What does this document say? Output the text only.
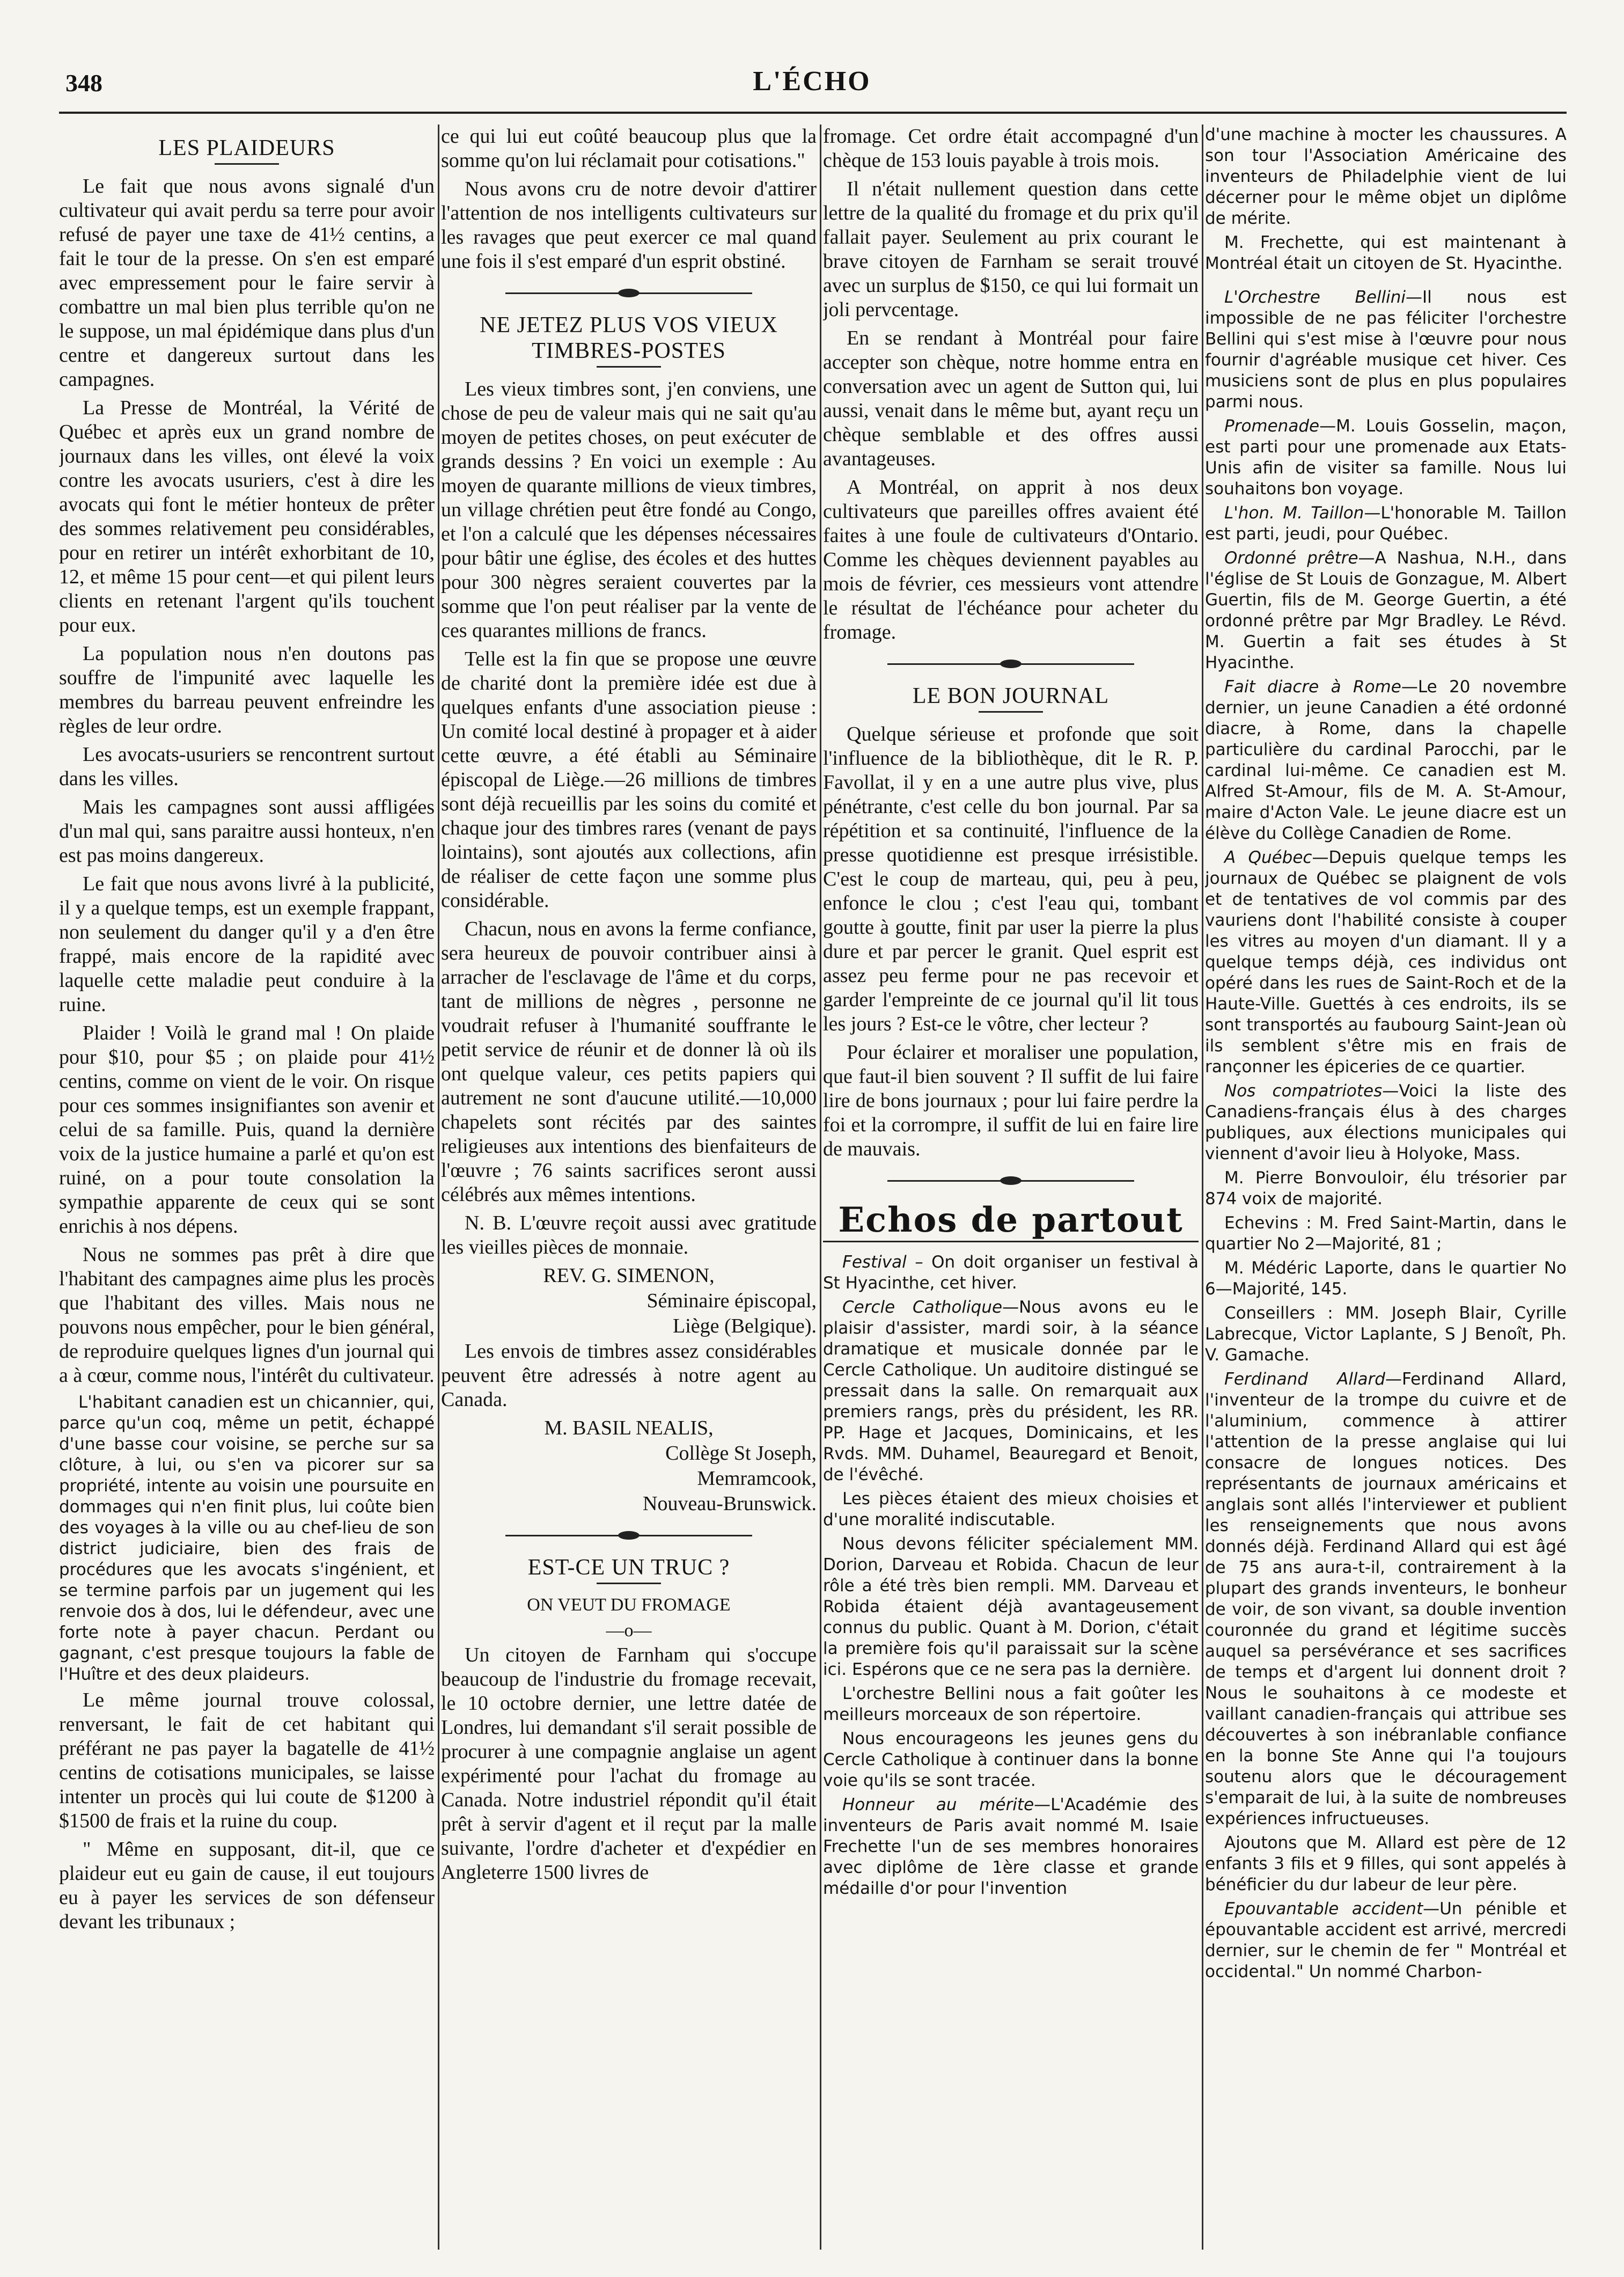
348	L'ÉCHO
LES PLAIDEURS

Le fait que nous avons signalé d'un cultivateur qui avait perdu sa terre pour avoir refusé de payer une taxe de 41½ centins, a fait le tour de la presse. On s'en est emparé avec empressement pour le faire servir à combattre un mal bien plus terrible qu'on ne le suppose, un mal épidémique dans plus d'un centre et dangereux surtout dans les campagnes.

La Presse de Montréal, la Vérité de Québec et après eux un grand nombre de journaux dans les villes, ont élevé la voix contre les avocats usuriers, c'est à dire les avocats qui font le métier honteux de prêter des sommes relativement peu considérables, pour en retirer un intérêt exhorbitant de 10, 12, et même 15 pour cent—et qui pilent leurs clients en retenant l'argent qu'ils touchent pour eux.

La population nous n'en doutons pas souffre de l'impunité avec laquelle les membres du barreau peuvent enfreindre les règles de leur ordre.

Les avocats-usuriers se rencontrent surtout dans les villes.

Mais les campagnes sont aussi affligées d'un mal qui, sans paraitre aussi honteux, n'en est pas moins dangereux.

Le fait que nous avons livré à la publicité, il y a quelque temps, est un exemple frappant, non seulement du danger qu'il y a d'en être frappé, mais encore de la rapidité avec laquelle cette maladie peut conduire à la ruine.

Plaider ! Voilà le grand mal ! On plaide pour $10, pour $5 ; on plaide pour 41½ centins, comme on vient de le voir. On risque pour ces sommes insignifiantes son avenir et celui de sa famille. Puis, quand la dernière voix de la justice humaine a parlé et qu'on est ruiné, on a pour toute consolation la sympathie apparente de ceux qui se sont enrichis à nos dépens.

Nous ne sommes pas prêt à dire que l'habitant des campagnes aime plus les procès que l'habitant des villes. Mais nous ne pouvons nous empêcher, pour le bien général, de reproduire quelques lignes d'un journal qui a à cœur, comme nous, l'intérêt du cultivateur.

L'habitant canadien est un chicannier, qui, parce qu'un coq, même un petit, échappé d'une basse cour voisine, se perche sur sa clôture, à lui, ou s'en va picorer sur sa propriété, intente au voisin une poursuite en dommages qui n'en finit plus, lui coûte bien des voyages à la ville ou au chef-lieu de son district judiciaire, bien des frais de procédures que les avocats s'ingénient, et se termine parfois par un jugement qui les renvoie dos à dos, lui le défendeur, avec une forte note à payer chacun. Perdant ou gagnant, c'est presque toujours la fable de l'Huître et des deux plaideurs.

Le même journal trouve colossal, renversant, le fait de cet habitant qui préférant ne pas payer la bagatelle de 41½ centins de cotisations municipales, se laisse intenter un procès qui lui coute de $1200 à $1500 de frais et la ruine du coup.

" Même en supposant, dit-il, que ce plaideur eut eu gain de cause, il eut toujours eu à payer les services de son défenseur devant les tribunaux ;

ce qui lui eut coûté beaucoup plus que la somme qu'on lui réclamait pour cotisations."

Nous avons cru de notre devoir d'attirer l'attention de nos intelligents cultivateurs sur les ravages que peut exercer ce mal quand une fois il s'est emparé d'un esprit obstiné.

NE JETEZ PLUS VOS VIEUX TIMBRES-POSTES

Les vieux timbres sont, j'en conviens, une chose de peu de valeur mais qui ne sait qu'au moyen de petites choses, on peut exécuter de grands dessins ? En voici un exemple : Au moyen de quarante millions de vieux timbres, un village chrétien peut être fondé au Congo, et l'on a calculé que les dépenses nécessaires pour bâtir une église, des écoles et des huttes pour 300 nègres seraient couvertes par la somme que l'on peut réaliser par la vente de ces quarantes millions de francs.

Telle est la fin que se propose une œuvre de charité dont la première idée est due à quelques enfants d'une association pieuse : Un comité local destiné à propager et à aider cette œuvre, a été établi au Séminaire épiscopal de Liège.—26 millions de timbres sont déjà recueillis par les soins du comité et chaque jour des timbres rares (venant de pays lointains), sont ajoutés aux collections, afin de réaliser de cette façon une somme plus considérable.

Chacun, nous en avons la ferme confiance, sera heureux de pouvoir contribuer ainsi à arracher de l'esclavage de l'âme et du corps, tant de millions de nègres , personne ne voudrait refuser à l'humanité souffrante le petit service de réunir et de donner là où ils ont quelque valeur, ces petits papiers qui autrement ne sont d'aucune utilité.—10,000 chapelets sont récités par des saintes religieuses aux intentions des bienfaiteurs de l'œuvre ; 76 saints sacrifices seront aussi célébrés aux mêmes intentions.

N. B. L'œuvre reçoit aussi avec gratitude les vieilles pièces de monnaie.

REV. G. SIMENON,
Séminaire épiscopal,
Liège (Belgique).

Les envois de timbres assez considérables peuvent être adressés à notre agent au Canada.

M. BASIL NEALIS,
Collège St Joseph,
Memramcook,
Nouveau-Brunswick.
EST-CE UN TRUC ?
ON VEUT DU FROMAGE
—o—

Un citoyen de Farnham qui s'occupe beaucoup de l'industrie du fromage recevait, le 10 octobre dernier, une lettre datée de Londres, lui demandant s'il serait possible de procurer à une compagnie anglaise un agent expérimenté pour l'achat du fromage au Canada. Notre industriel répondit qu'il était prêt à servir d'agent et il reçut par la malle suivante, l'ordre d'acheter et d'expédier en Angleterre 1500 livres de

fromage. Cet ordre était accompagné d'un chèque de 153 louis payable à trois mois.

Il n'était nullement question dans cette lettre de la qualité du fromage et du prix qu'il fallait payer. Seulement au prix courant le brave citoyen de Farnham se serait trouvé avec un surplus de $150, ce qui lui formait un joli pervcentage.

En se rendant à Montréal pour faire accepter son chèque, notre homme entra en conversation avec un agent de Sutton qui, lui aussi, venait dans le même but, ayant reçu un chèque semblable et des offres aussi avantageuses.

A Montréal, on apprit à nos deux cultivateurs que pareilles offres avaient été faites à une foule de cultivateurs d'Ontario. Comme les chèques deviennent payables au mois de février, ces messieurs vont attendre le résultat de l'échéance pour acheter du fromage.

LE BON JOURNAL

Quelque sérieuse et profonde que soit l'influence de la bibliothèque, dit le R. P. Favollat, il y en a une autre plus vive, plus pénétrante, c'est celle du bon journal. Par sa répétition et sa continuité, l'influence de la presse quotidienne est presque irrésistible. C'est le coup de marteau, qui, peu à peu, enfonce le clou ; c'est l'eau qui, tombant goutte à goutte, finit par user la pierre la plus dure et par percer le granit. Quel esprit est assez peu ferme pour ne pas recevoir et garder l'empreinte de ce journal qu'il lit tous les jours ? Est-ce le vôtre, cher lecteur ?

Pour éclairer et moraliser une population, que faut-il bien souvent ? Il suffit de lui faire lire de bons journaux ; pour lui faire perdre la foi et la corrompre, il suffit de lui en faire lire de mauvais.

Echos de partout

Festival – On doit organiser un festival à St Hyacinthe, cet hiver.

Cercle Catholique—Nous avons eu le plaisir d'assister, mardi soir, à la séance dramatique et musicale donnée par le Cercle Catholique. Un auditoire distingué se pressait dans la salle. On remarquait aux premiers rangs, près du président, les RR. PP. Hage et Jacques, Dominicains, et les Rvds. MM. Duhamel, Beauregard et Benoit, de l'évêché.

Les pièces étaient des mieux choisies et d'une moralité indiscutable.

Nous devons féliciter spécialement MM. Dorion, Darveau et Robida. Chacun de leur rôle a été très bien rempli. MM. Darveau et Robida étaient déjà avantageusement connus du public. Quant à M. Dorion, c'était la première fois qu'il paraissait sur la scène ici. Espérons que ce ne sera pas la dernière.

L'orchestre Bellini nous a fait goûter les meilleurs morceaux de son répertoire.

Nous encourageons les jeunes gens du Cercle Catholique à continuer dans la bonne voie qu'ils se sont tracée.

Honneur au mérite—L'Académie des inventeurs de Paris avait nommé M. Isaie Frechette l'un de ses membres honoraires avec diplôme de 1ère classe et grande médaille d'or pour l'invention

d'une machine à mocter les chaussures. A son tour l'Association Américaine des inventeurs de Philadelphie vient de lui décerner pour le même objet un diplôme de mérite.

M. Frechette, qui est maintenant à Montréal était un citoyen de St. Hyacinthe.

L'Orchestre Bellini—Il nous est impossible de ne pas féliciter l'orchestre Bellini qui s'est mise à l'œuvre pour nous fournir d'agréable musique cet hiver. Ces musiciens sont de plus en plus populaires parmi nous.

Promenade—M. Louis Gosselin, maçon, est parti pour une promenade aux Etats-Unis afin de visiter sa famille. Nous lui souhaitons bon voyage.

L'hon. M. Taillon—L'honorable M. Taillon est parti, jeudi, pour Québec.

Ordonné prêtre—A Nashua, N.H., dans l'église de St Louis de Gonzague, M. Albert Guertin, fils de M. George Guertin, a été ordonné prêtre par Mgr Bradley. Le Révd. M. Guertin a fait ses études à St Hyacinthe.

Fait diacre à Rome—Le 20 novembre dernier, un jeune Canadien a été ordonné diacre, à Rome, dans la chapelle particulière du cardinal Parocchi, par le cardinal lui-même. Ce canadien est M. Alfred St-Amour, fils de M. A. St-Amour, maire d'Acton Vale. Le jeune diacre est un élève du Collège Canadien de Rome.

A Québec—Depuis quelque temps les journaux de Québec se plaignent de vols et de tentatives de vol commis par des vauriens dont l'habilité consiste à couper les vitres au moyen d'un diamant. Il y a quelque temps déjà, ces individus ont opéré dans les rues de Saint-Roch et de la Haute-Ville. Guettés à ces endroits, ils se sont transportés au faubourg Saint-Jean où ils semblent s'être mis en frais de rançonner les épiceries de ce quartier.

Nos compatriotes—Voici la liste des Canadiens-français élus à des charges publiques, aux élections municipales qui viennent d'avoir lieu à Holyoke, Mass.

M. Pierre Bonvouloir, élu trésorier par 874 voix de majorité.

Echevins : M. Fred Saint-Martin, dans le quartier No 2—Majorité, 81 ;

M. Médéric Laporte, dans le quartier No 6—Majorité, 145.

Conseillers : MM. Joseph Blair, Cyrille Labrecque, Victor Laplante, S J Benoît, Ph. V. Gamache.

Ferdinand Allard—Ferdinand Allard, l'inventeur de la trompe du cuivre et de l'aluminium, commence à attirer l'attention de la presse anglaise qui lui consacre de longues notices. Des représentants de journaux américains et anglais sont allés l'interviewer et publient les renseignements que nous avons donnés déjà. Ferdinand Allard qui est âgé de 75 ans aura-t-il, contrairement à la plupart des grands inventeurs, le bonheur de voir, de son vivant, sa double invention couronnée du grand et légitime succès auquel sa persévérance et ses sacrifices de temps et d'argent lui donnent droit ? Nous le souhaitons à ce modeste et vaillant canadien-français qui attribue ses découvertes à son inébranlable confiance en la bonne Ste Anne qui l'a toujours soutenu alors que le découragement s'emparait de lui, à la suite de nombreuses expériences infructueuses.

Ajoutons que M. Allard est père de 12 enfants 3 fils et 9 filles, qui sont appelés à bénéficier du dur labeur de leur père.

Epouvantable accident—Un pénible et épouvantable accident est arrivé, mercredi dernier, sur le chemin de fer " Montréal et occidental." Un nommé Charbon-
